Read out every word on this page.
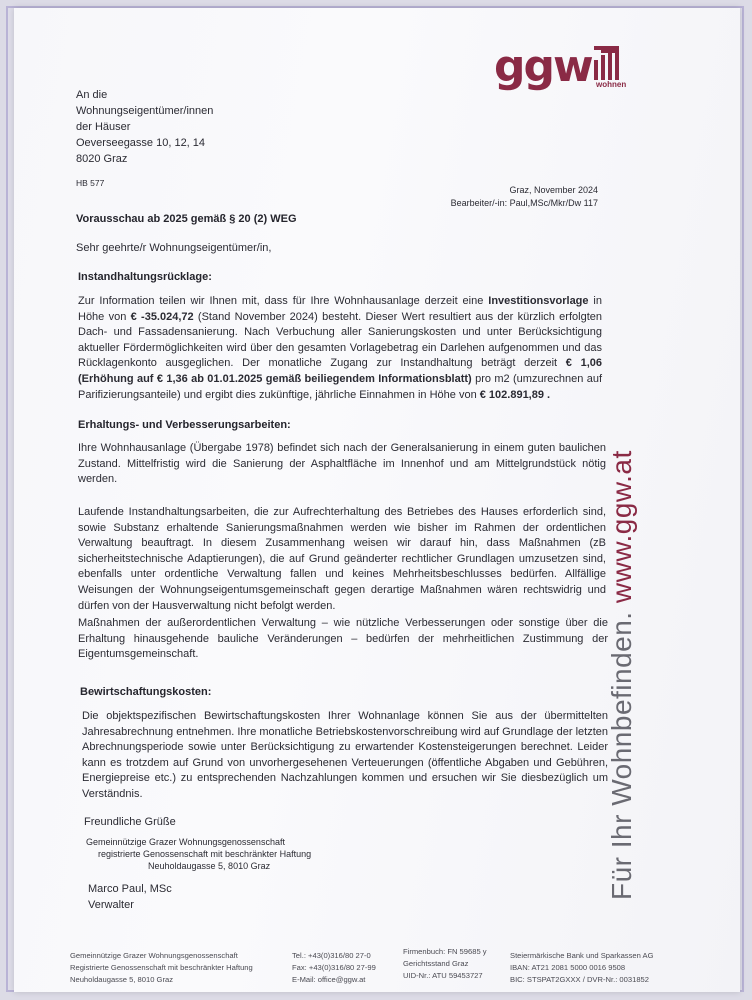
ggw wohnen
An die
Wohnungseigentümer/innen
der Häuser
Oeverseegasse 10, 12, 14
8020 Graz
HB 577
Graz, November 2024
Bearbeiter/-in: Paul,MSc/Mkr/Dw 117
Vorausschau ab 2025 gemäß § 20 (2) WEG
Sehr geehrte/r Wohnungseigentümer/in,
Instandhaltungsrücklage:
Zur Information teilen wir Ihnen mit, dass für Ihre Wohnhausanlage derzeit eine Investitionsvorlage in Höhe von € -35.024,72 (Stand November 2024) besteht. Dieser Wert resultiert aus der kürzlich erfolgten Dach- und Fassadensanierung. Nach Verbuchung aller Sanierungskosten und unter Berücksichtigung aktueller Fördermöglichkeiten wird über den gesamten Vorlagebetrag ein Darlehen aufgenommen und das Rücklagenkonto ausgeglichen. Der monatliche Zugang zur Instandhaltung beträgt derzeit € 1,06 (Erhöhung auf € 1,36 ab 01.01.2025 gemäß beiliegendem Informationsblatt) pro m2 (umzurechnen auf Parifizierungsanteile) und ergibt dies zukünftige, jährliche Einnahmen in Höhe von € 102.891,89 .
Erhaltungs- und Verbesserungsarbeiten:
Ihre Wohnhausanlage (Übergabe 1978) befindet sich nach der Generalsanierung in einem guten baulichen Zustand. Mittelfristig wird die Sanierung der Asphaltfläche im Innenhof und am Mittelgrundstück nötig werden.
Laufende Instandhaltungsarbeiten, die zur Aufrechterhaltung des Betriebes des Hauses erforderlich sind, sowie Substanz erhaltende Sanierungsmaßnahmen werden wie bisher im Rahmen der ordentlichen Verwaltung beauftragt. In diesem Zusammenhang weisen wir darauf hin, dass Maßnahmen (zB sicherheitstechnische Adaptierungen), die auf Grund geänderter rechtlicher Grundlagen umzusetzen sind, ebenfalls unter ordentliche Verwaltung fallen und keines Mehrheitsbeschlusses bedürfen. Allfällige Weisungen der Wohnungseigentumsgemeinschaft gegen derartige Maßnahmen wären rechtswidrig und dürfen von der Hausverwaltung nicht befolgt werden.
Maßnahmen der außerordentlichen Verwaltung – wie nützliche Verbesserungen oder sonstige über die Erhaltung hinausgehende bauliche Veränderungen – bedürfen der mehrheitlichen Zustimmung der Eigentumsgemeinschaft.
Bewirtschaftungskosten:
Die objektspezifischen Bewirtschaftungskosten Ihrer Wohnanlage können Sie aus der übermittelten Jahresabrechnung entnehmen. Ihre monatliche Betriebskostenvorschreibung wird auf Grundlage der letzten Abrechnungsperiode sowie unter Berücksichtigung zu erwartender Kostensteigerungen berechnet. Leider kann es trotzdem auf Grund von unvorhergesehenen Verteuerungen (öffentliche Abgaben und Gebühren, Energiepreise etc.) zu entsprechenden Nachzahlungen kommen und ersuchen wir Sie diesbezüglich um Verständnis.
Freundliche Grüße
Gemeinnützige Grazer Wohnungsgenossenschaft
registrierte Genossenschaft mit beschränkter Haftung
Neuholdaugasse 5, 8010 Graz
Marco Paul, MSc
Verwalter
Für Ihr Wohnbefinden. www.ggw.at
Gemeinnützige Grazer Wohnungsgenossenschaft
Registrierte Genossenschaft mit beschränkter Haftung
Neuholdaugasse 5, 8010 Graz
Tel.: +43(0)316/80 27-0
Fax: +43(0)316/80 27-99
E-Mail: office@ggw.at
Firmenbuch: FN 59685 y
Gerichtsstand Graz
UID-Nr.: ATU 59453727
Steiermärkische Bank und Sparkassen AG
IBAN: AT21 2081 5000 0016 9508
BIC: STSPAT2GXXX / DVR-Nr.: 0031852
